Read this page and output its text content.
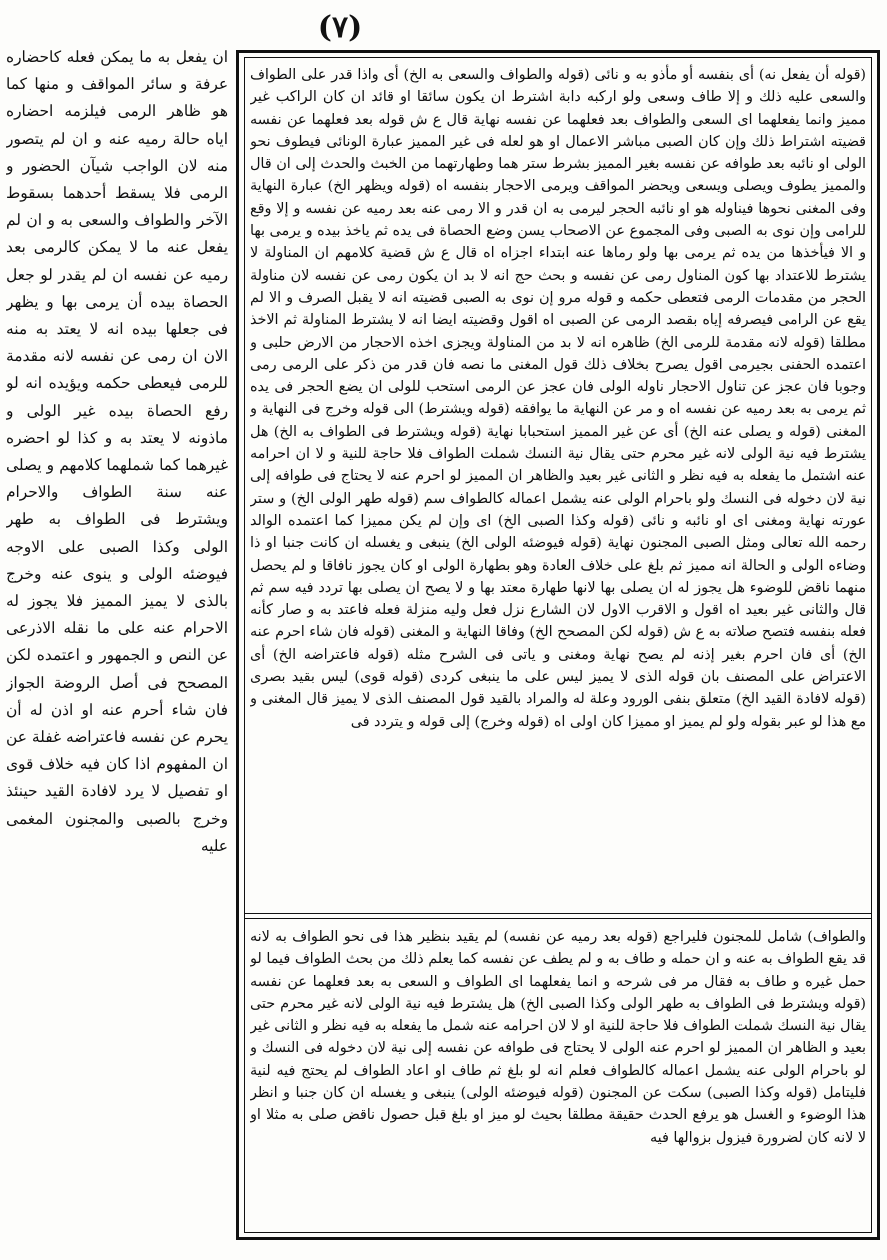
(٧)
(قوله أن يفعل نه) أى بنفسه أو مأذو به و نائى (قوله والطواف والسعى به الخ) أى واذا قدر على الطواف والسعى عليه ذلك و إلا طاف وسعى ولو اركبه دابة اشترط ان يكون سائقا او قائد ان كان الراكب غير مميز وانما يفعلهما اى السعى والطواف بعد فعلهما عن نفسه نهاية قال ع ش قوله بعد فعلهما عن نفسه قضيته اشتراط ذلك وإن كان الصبى مباشر الاعمال او هو لعله فى غير المميز عبارة الونائى فيطوف نحو الولى او نائبه بعد طوافه عن نفسه بغير المميز بشرط ستر هما وطهارتهما من الخبث والحدث إلى ان قال والمميز يطوف ويصلى ويسعى ويحضر المواقف ويرمى الاحجار بنفسه اه (قوله ويظهر الخ) عبارة النهاية وفى المغنى نحوها فيناوله هو او نائبه الحجر ليرمى به ان قدر و الا رمى عنه بعد رميه عن نفسه و إلا وقع للرامى وإن نوى به الصبى وفى المجموع عن الاصحاب يسن وضع الحصاة فى يده ثم ياخذ بيده و يرمى بها و الا فيأخذها من يده ثم يرمى بها ولو رماها عنه ابتداء اجزاه اه قال ع ش قضية كلامهم ان المناولة لا يشترط للاعتداد بها كون المناول رمى عن نفسه و بحث حج انه لا بد ان يكون رمى عن نفسه لان مناولة الحجر من مقدمات الرمى فتعطى حكمه و قوله مرو إن نوى به الصبى قضيته انه لا يقبل الصرف و الا لم يقع عن الرامى فيصرفه إياه بقصد الرمى عن الصبى اه اقول وقضيته ايضا انه لا يشترط المناولة ثم الاخذ مطلقا (قوله لانه مقدمة للرمى الخ) ظاهره انه لا بد من المناولة ويجزى اخذه الاحجار من الارض حلبى و اعتمده الحفنى بجيرمى اقول يصرح بخلاف ذلك قول المغنى ما نصه فان قدر من ذكر على الرمى رمى وجوبا فان عجز عن تناول الاحجار ناوله الولى فان عجز عن الرمى استحب للولى ان يضع الحجر فى يده ثم يرمى به بعد رميه عن نفسه اه و مر عن النهاية ما يوافقه (قوله ويشترط) الى قوله وخرج فى النهاية و المغنى (قوله و يصلى عنه الخ) أى عن غير المميز استحبابا نهاية (قوله ويشترط فى الطواف به الخ) هل يشترط فيه نية الولى لانه غير محرم حتى يقال نية النسك شملت الطواف فلا حاجة للنية و لا ان احرامه عنه اشتمل ما يفعله به فيه نظر و الثانى غير بعيد والظاهر ان المميز لو احرم عنه لا يحتاج فى طوافه إلى نية لان دخوله فى النسك ولو باحرام الولى عنه يشمل اعماله كالطواف سم (قوله طهر الولى الخ) و ستر عورته نهاية ومغنى اى او نائبه و نائى (قوله وكذا الصبى الخ) اى وإن لم يكن مميزا كما اعتمده الوالد رحمه الله تعالى ومثل الصبى المجنون نهاية (قوله فيوضئه الولى الخ) ينبغى و يغسله ان كانت جنبا او ذا وضاءه الولى و الحالة انه مميز ثم بلغ على خلاف العادة وهو بطهارة الولى او كان يجوز نافاقا و لم يحصل منهما ناقض للوضوء هل يجوز له ان يصلى بها لانها طهارة معتد بها و لا يصح ان يصلى بها تردد فيه سم ثم قال والثانى غير بعيد اه اقول و الاقرب الاول لان الشارع نزل فعل وليه منزلة فعله فاعتد به و صار كأنه فعله بنفسه فتصح صلاته به ع ش (قوله لكن المصحح الخ) وفاقا النهاية و المغنى (قوله فان شاء احرم عنه الخ) أى فان احرم بغير إذنه لم يصح نهاية ومغنى و ياتى فى الشرح مثله (قوله فاعتراضه الخ) أى الاعتراض على المصنف بان قوله الذى لا يميز ليس على ما ينبغى كردى (قوله قوى) ليس بقيد بصرى (قوله لافادة القيد الخ) متعلق بنفى الورود وعلة له والمراد بالقيد قول المصنف الذى لا يميز قال المغنى و مع هذا لو عبر بقوله ولو لم يميز او مميزا كان اولى اه (قوله وخرج) إلى قوله و يتردد فى
والطواف) شامل للمجنون فليراجع (قوله بعد رميه عن نفسه) لم يقيد بنظير هذا فى نحو الطواف به لانه قد يقع الطواف به عنه و ان حمله و طاف به و لم يطف عن نفسه كما يعلم ذلك من بحث الطواف فيما لو حمل غيره و طاف به فقال مر فى شرحه و انما يفعلهما اى الطواف و السعى به بعد فعلهما عن نفسه (قوله ويشترط فى الطواف به طهر الولى وكذا الصبى الخ) هل يشترط فيه نية الولى لانه غير محرم حتى يقال نية النسك شملت الطواف فلا حاجة للنية او لا لان احرامه عنه شمل ما يفعله به فيه نظر و الثانى غير بعيد و الظاهر ان المميز لو احرم عنه الولى لا يحتاج فى طوافه عن نفسه إلى نية لان دخوله فى النسك و لو باحرام الولى عنه يشمل اعماله كالطواف فعلم انه لو بلغ ثم طاف او اعاد الطواف لم يحتج فيه لنية فليتامل (قوله وكذا الصبى) سكت عن المجنون (قوله فيوضئه الولى) ينبغى و يغسله ان كان جنبا و انظر هذا الوضوء و الغسل هو يرفع الحدث حقيقة مطلقا بحيث لو ميز او بلغ قبل حصول ناقض صلى به مثلا او لا لانه كان لضرورة فيزول بزوالها فيه
ان يفعل به ما يمكن فعله كاحضاره عرفة و سائر المواقف و منها كما هو ظاهر الرمى فيلزمه احضاره اياه حالة رميه عنه و ان لم يتصور منه لان الواجب شيآن الحضور و الرمى فلا يسقط أحدهما بسقوط الآخر والطواف والسعى به و ان لم يفعل عنه ما لا يمكن كالرمى بعد رميه عن نفسه ان لم يقدر لو جعل الحصاة بيده أن يرمى بها و يظهر فى جعلها بيده انه لا يعتد به منه الان ان رمى عن نفسه لانه مقدمة للرمى فيعطى حكمه ويؤيده انه لو رفع الحصاة بيده غير الولى و ماذونه لا يعتد به و كذا لو احضره غيرهما كما شملهما كلامهم و يصلى عنه سنة الطواف والاحرام ويشترط فى الطواف به طهر الولى وكذا الصبى على الاوجه فيوضئه الولى و ينوى عنه وخرج بالذى لا يميز المميز فلا يجوز له الاحرام عنه على ما نقله الاذرعى عن النص و الجمهور و اعتمده لكن المصحح فى أصل الروضة الجواز فان شاء أحرم عنه او اذن له أن يحرم عن نفسه فاعتراضه غفلة عن ان المفهوم اذا كان فيه خلاف قوى او تفصيل لا يرد لافادة القيد حينئذ وخرج بالصبى والمجنون المغمى عليه
